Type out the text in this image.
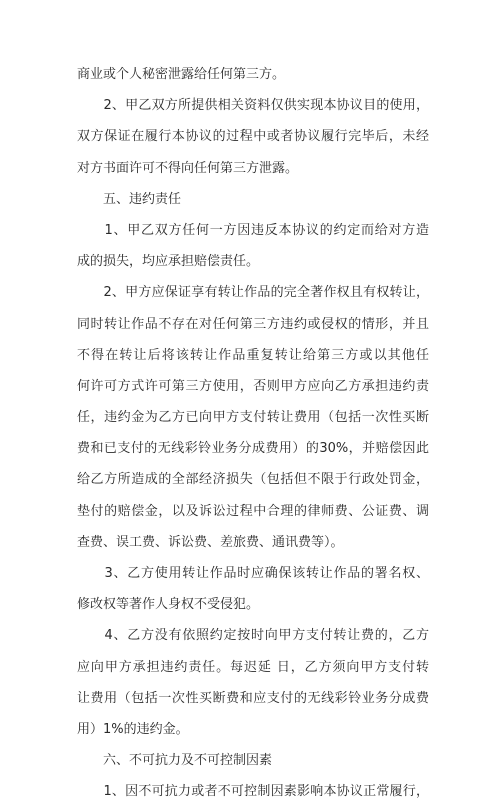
商业或个人秘密泄露给任何第三方。
　　2、甲乙双方所提供相关资料仅供实现本协议目的使用，
双方保证在履行本协议的过程中或者协议履行完毕后，未经
对方书面许可不得向任何第三方泄露。
　　五、违约责任
　　1、甲乙双方任何一方因违反本协议的约定而给对方造
成的损失，均应承担赔偿责任。
　　2、甲方应保证享有转让作品的完全著作权且有权转让，
同时转让作品不存在对任何第三方违约或侵权的情形，并且
不得在转让后将该转让作品重复转让给第三方或以其他任
何许可方式许可第三方使用，否则甲方应向乙方承担违约责
任，违约金为乙方已向甲方支付转让费用（包括一次性买断
费和已支付的无线彩铃业务分成费用）的30%，并赔偿因此
给乙方所造成的全部经济损失（包括但不限于行政处罚金，
垫付的赔偿金，以及诉讼过程中合理的律师费、公证费、调
查费、误工费、诉讼费、差旅费、通讯费等）。
　　3、乙方使用转让作品时应确保该转让作品的署名权、
修改权等著作人身权不受侵犯。
　　4、乙方没有依照约定按时向甲方支付转让费的，乙方
应向甲方承担违约责任。每迟延 日，乙方须向甲方支付转
让费用（包括一次性买断费和应支付的无线彩铃业务分成费
用）1%的违约金。
　　六、不可抗力及不可控制因素
　　1、因不可抗力或者不可控制因素影响本协议正常履行，
